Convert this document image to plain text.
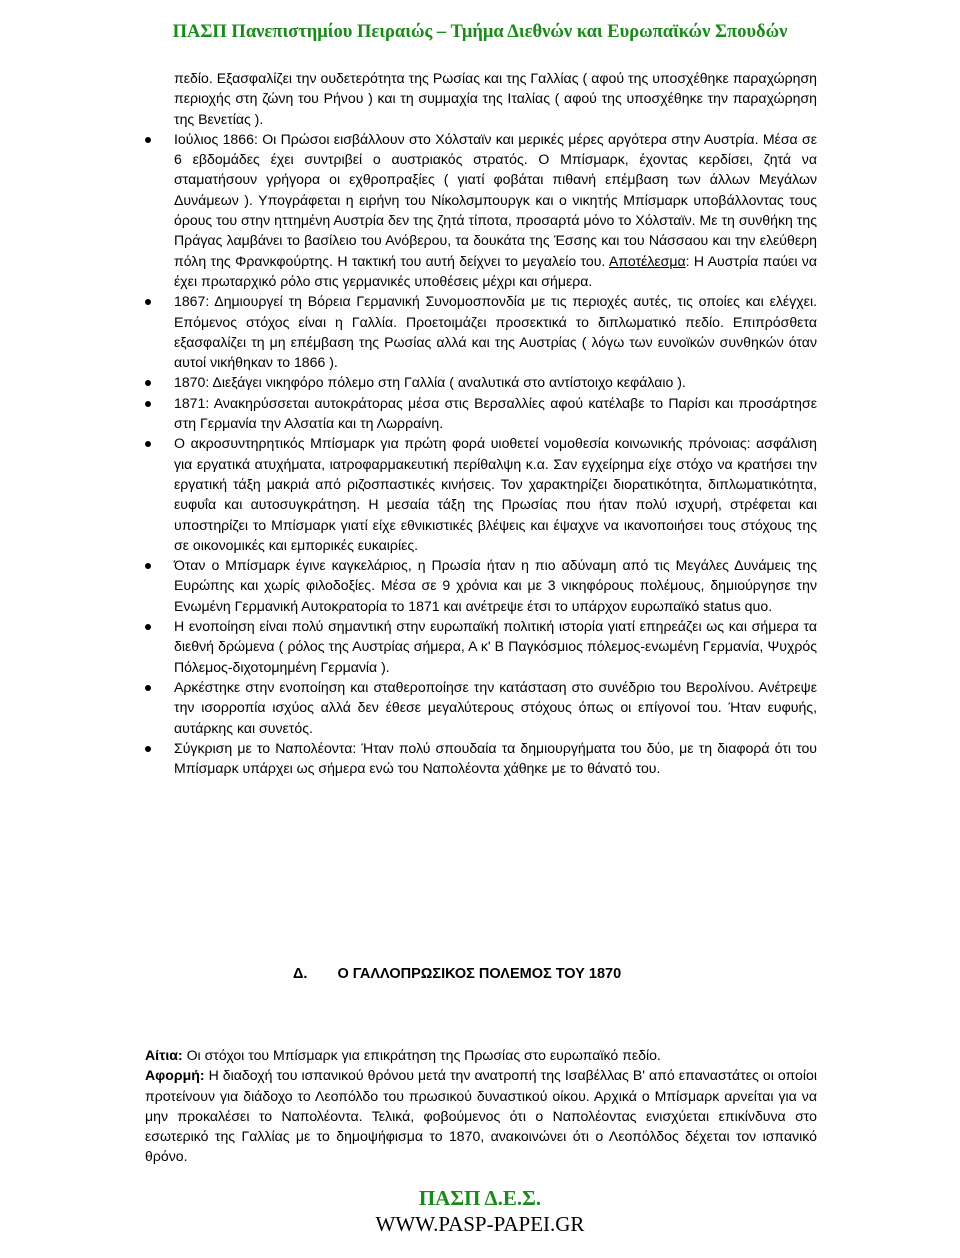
ΠΑΣΠ Πανεπιστημίου Πειραιώς – Τμήμα Διεθνών και Ευρωπαϊκών Σπουδών

πεδίο. Εξασφαλίζει την ουδετερότητα της Ρωσίας και της Γαλλίας ( αφού της υποσχέθηκε παραχώρηση περιοχής στη ζώνη του Ρήνου ) και τη συμμαχία της Ιταλίας ( αφού της υποσχέθηκε την παραχώρηση της Βενετίας ).

Ιούλιος 1866: Οι Πρώσοι εισβάλλουν στο Χόλσταϊν και μερικές μέρες αργότερα στην Αυστρία. Μέσα σε 6 εβδομάδες έχει συντριβεί ο αυστριακός στρατός. Ο Μπίσμαρκ, έχοντας κερδίσει, ζητά να σταματήσουν γρήγορα οι εχθροπραξίες ( γιατί φοβάται πιθανή επέμβαση των άλλων Μεγάλων Δυνάμεων ). Υπογράφεται η ειρήνη του Νίκολσμπουργκ και ο νικητής Μπίσμαρκ υποβάλλοντας τους όρους του στην ηττημένη Αυστρία δεν της ζητά τίποτα, προσαρτά μόνο το Χόλσταϊν. Με τη συνθήκη της Πράγας λαμβάνει το βασίλειο του Ανόβερου, τα δουκάτα της Έσσης και του Νάσσαου και την ελεύθερη πόλη της Φρανκφούρτης. Η τακτική του αυτή δείχνει το μεγαλείο του. Αποτέλεσμα: Η Αυστρία παύει να έχει πρωταρχικό ρόλο στις γερμανικές υποθέσεις μέχρι και σήμερα.

1867: Δημιουργεί τη Βόρεια Γερμανική Συνομοσπονδία με τις περιοχές αυτές, τις οποίες και ελέγχει. Επόμενος στόχος είναι η Γαλλία. Προετοιμάζει προσεκτικά το διπλωματικό πεδίο. Επιπρόσθετα εξασφαλίζει τη μη επέμβαση της Ρωσίας αλλά και της Αυστρίας ( λόγω των ευνοϊκών συνθηκών όταν αυτοί νικήθηκαν το 1866 ).

1870: Διεξάγει νικηφόρο πόλεμο στη Γαλλία ( αναλυτικά στο αντίστοιχο κεφάλαιο ).

1871: Ανακηρύσσεται αυτοκράτορας μέσα στις Βερσαλλίες αφού κατέλαβε το Παρίσι και προσάρτησε στη Γερμανία την Αλσατία και τη Λωρραίνη.

Ο ακροσυντηρητικός Μπίσμαρκ για πρώτη φορά υιοθετεί νομοθεσία κοινωνικής πρόνοιας: ασφάλιση για εργατικά ατυχήματα, ιατροφαρμακευτική περίθαλψη κ.α. Σαν εγχείρημα είχε στόχο να κρατήσει την εργατική τάξη μακριά από ριζοσπαστικές κινήσεις. Τον χαρακτηρίζει διορατικότητα, διπλωματικότητα, ευφυΐα και αυτοσυγκράτηση. Η μεσαία τάξη της Πρωσίας που ήταν πολύ ισχυρή, στρέφεται και υποστηρίζει το Μπίσμαρκ γιατί είχε εθνικιστικές βλέψεις και έψαχνε να ικανοποιήσει τους στόχους της σε οικονομικές και εμπορικές ευκαιρίες.

Όταν ο Μπίσμαρκ έγινε καγκελάριος, η Πρωσία ήταν η πιο αδύναμη από τις Μεγάλες Δυνάμεις της Ευρώπης και χωρίς φιλοδοξίες. Μέσα σε 9 χρόνια και με 3 νικηφόρους πολέμους, δημιούργησε την Ενωμένη Γερμανική Αυτοκρατορία το 1871 και ανέτρεψε έτσι το υπάρχον ευρωπαϊκό status quo.

Η ενοποίηση είναι πολύ σημαντική στην ευρωπαϊκή πολιτική ιστορία γιατί επηρεάζει ως και σήμερα τα διεθνή δρώμενα ( ρόλος της Αυστρίας σήμερα, Α κ' Β Παγκόσμιος πόλεμος-ενωμένη Γερμανία, Ψυχρός Πόλεμος-διχοτομημένη Γερμανία ).

Αρκέστηκε στην ενοποίηση και σταθεροποίησε την κατάσταση στο συνέδριο του Βερολίνου. Ανέτρεψε την ισορροπία ισχύος αλλά δεν έθεσε μεγαλύτερους στόχους όπως οι επίγονοί του. Ήταν ευφυής, αυτάρκης και συνετός.

Σύγκριση με το Ναπολέοντα: Ήταν πολύ σπουδαία τα δημιουργήματα του δύο, με τη διαφορά ότι του Μπίσμαρκ υπάρχει ως σήμερα ενώ του Ναπολέοντα χάθηκε με το θάνατό του.

Δ. Ο ΓΑΛΛΟΠΡΩΣΙΚΟΣ ΠΟΛΕΜΟΣ ΤΟΥ 1870

Αίτια: Οι στόχοι του Μπίσμαρκ για επικράτηση της Πρωσίας στο ευρωπαϊκό πεδίο.

Αφορμή: Η διαδοχή του ισπανικού θρόνου μετά την ανατροπή της Ισαβέλλας Β' από επαναστάτες οι οποίοι προτείνουν για διάδοχο το Λεοπόλδο του πρωσικού δυναστικού οίκου. Αρχικά ο Μπίσμαρκ αρνείται για να μην προκαλέσει το Ναπολέοντα. Τελικά, φοβούμενος ότι ο Ναπολέοντας ενισχύεται επικίνδυνα στο εσωτερικό της Γαλλίας με το δημοψήφισμα το 1870, ανακοινώνει ότι ο Λεοπόλδος δέχεται τον ισπανικό θρόνο.

ΠΑΣΠ Δ.Ε.Σ.
WWW.PASP-PAPEI.GR
